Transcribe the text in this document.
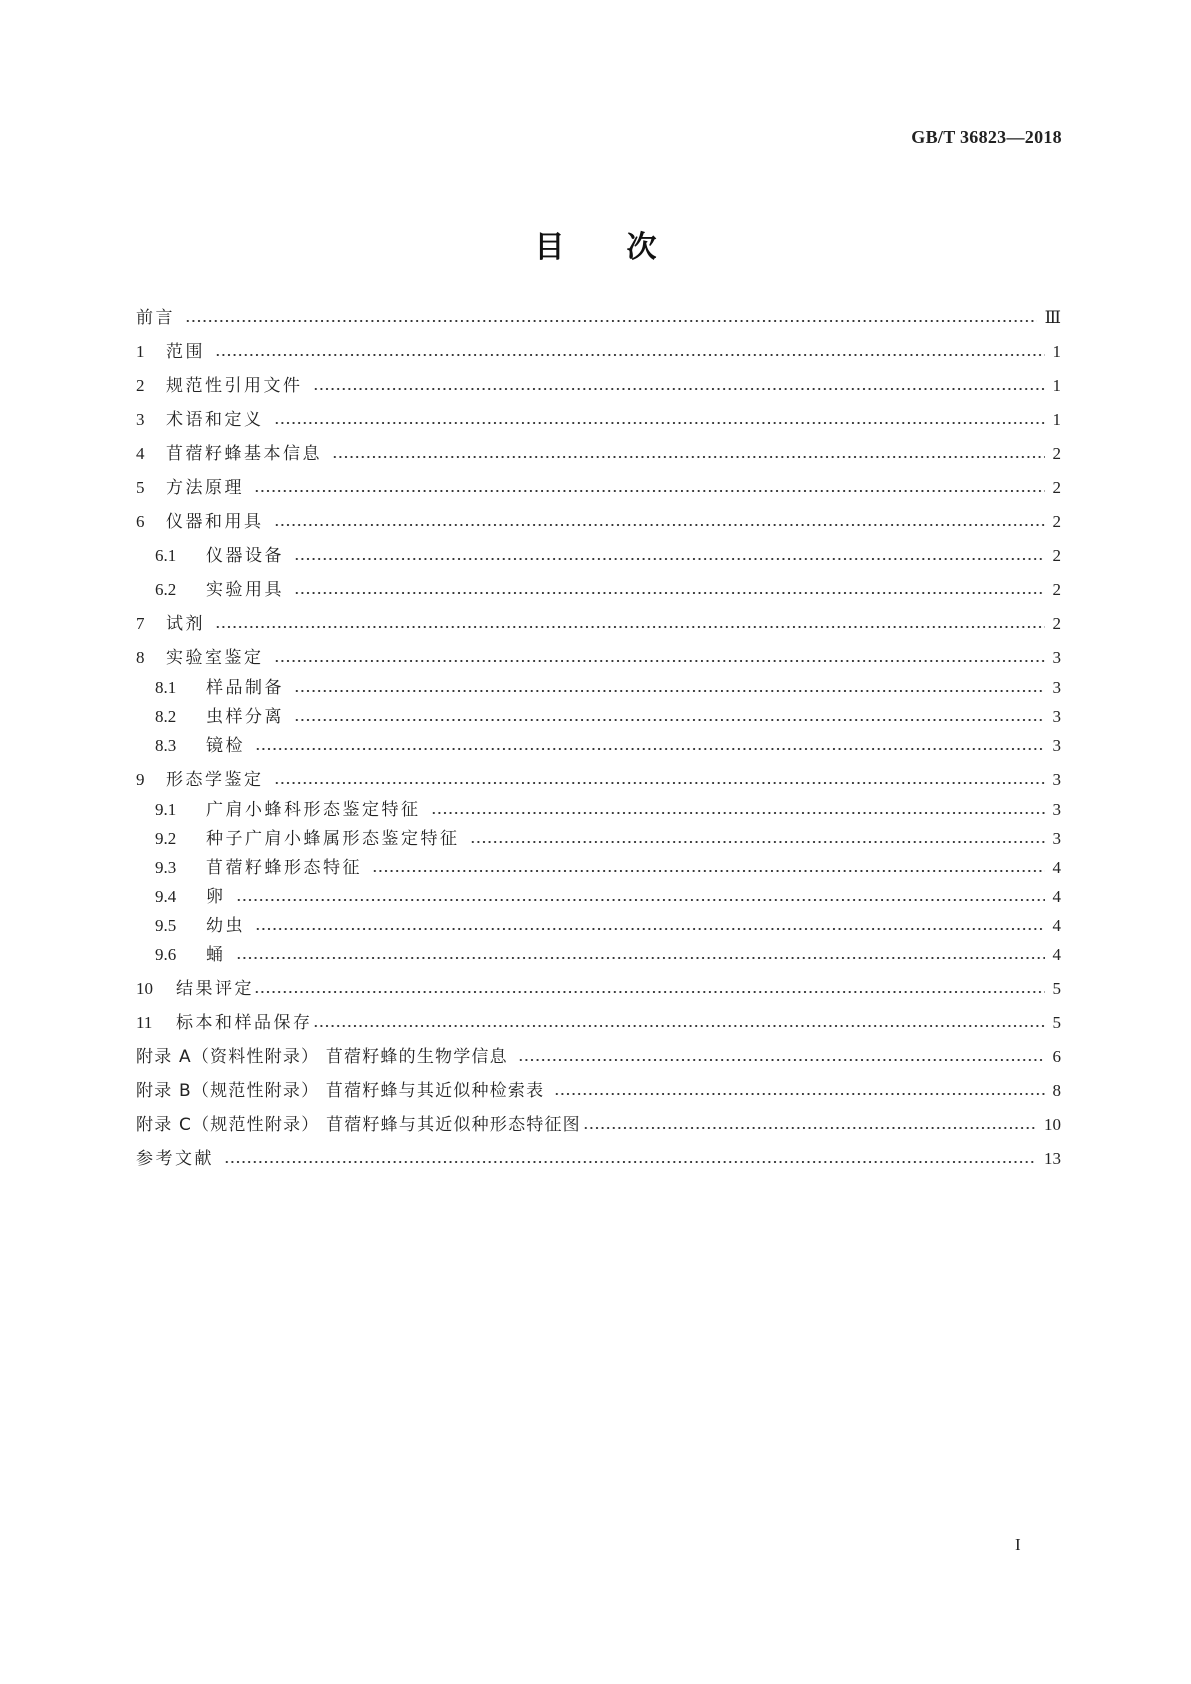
GB/T 36823—2018
目次
前言	Ⅲ
1	范围	1
2	规范性引用文件	1
3	术语和定义	1
4	苜蓿籽蜂基本信息	2
5	方法原理	2
6	仪器和用具	2
6.1	仪器设备	2
6.2	实验用具	2
7	试剂	2
8	实验室鉴定	3
8.1	样品制备	3
8.2	虫样分离	3
8.3	镜检	3
9	形态学鉴定	3
9.1	广肩小蜂科形态鉴定特征	3
9.2	种子广肩小蜂属形态鉴定特征	3
9.3	苜蓿籽蜂形态特征	4
9.4	卵	4
9.5	幼虫	4
9.6	蛹	4
10	结果评定	5
11	标本和样品保存	5
附录 A（资料性附录） 苜蓿籽蜂的生物学信息	6
附录 B（规范性附录） 苜蓿籽蜂与其近似种检索表	8
附录 C（规范性附录） 苜蓿籽蜂与其近似种形态特征图	10
参考文献	13
I
